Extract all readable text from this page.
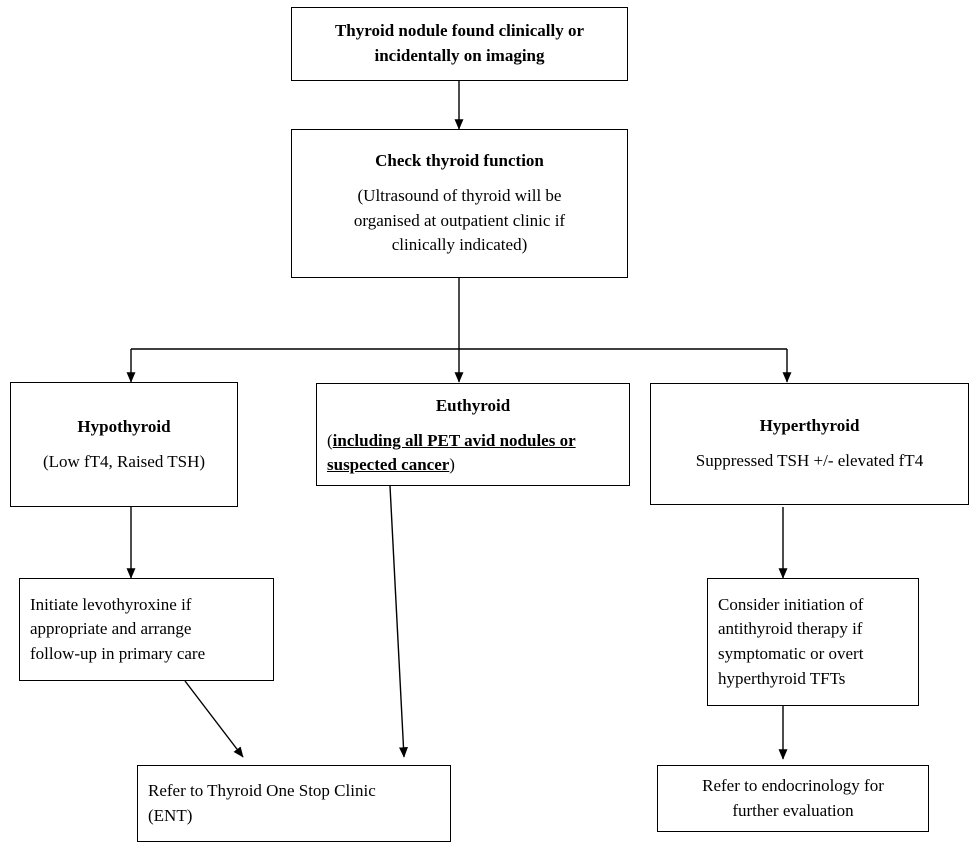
Thyroid nodule found clinically or
incidentally on imaging
Check thyroid function
(Ultrasound of thyroid will be
organised at outpatient clinic if
clinically indicated)
Hypothyroid
(Low fT4, Raised TSH)
Euthyroid
(including all PET avid nodules or suspected cancer)
Hyperthyroid
Suppressed TSH +/- elevated fT4
Initiate levothyroxine if
appropriate and arrange
follow-up in primary care
Consider initiation of
antithyroid therapy if
symptomatic or overt
hyperthyroid TFTs
Refer to Thyroid One Stop Clinic
(ENT)
Refer to endocrinology for
further evaluation
